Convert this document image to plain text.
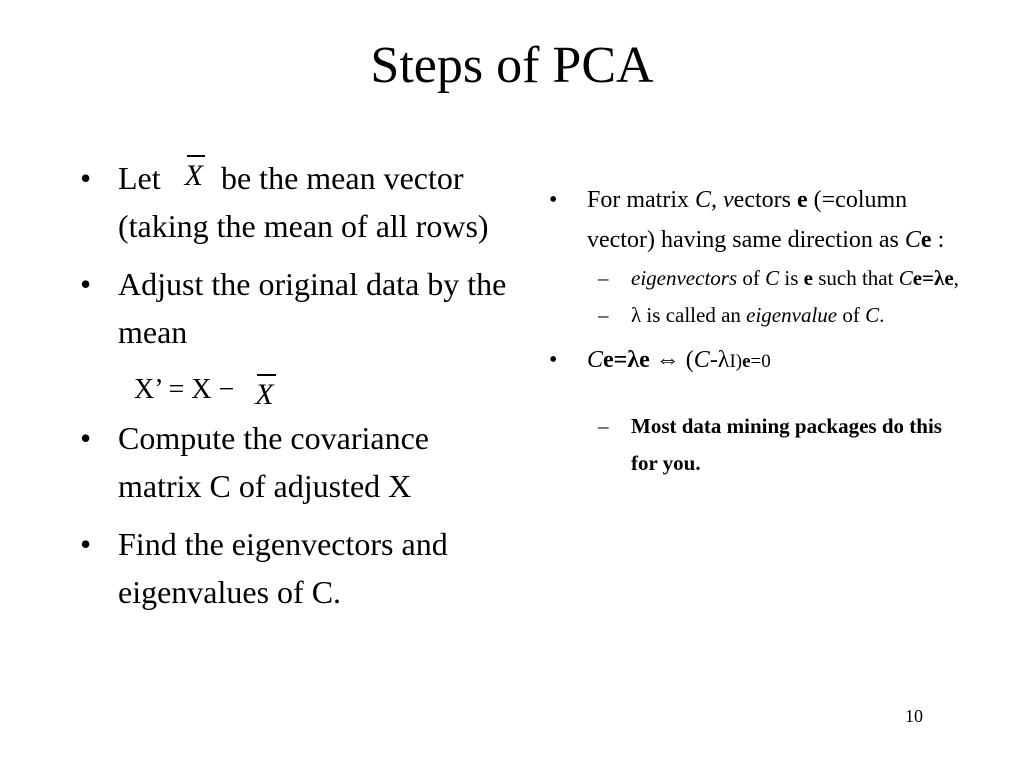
Steps of PCA
• Let X be the mean vector (taking the mean of all rows)
• Adjust the original data by the mean
X’ = X − X
• Compute the covariance matrix C of adjusted X
• Find the eigenvectors and eigenvalues of C.
• For matrix C, vectors e (=column vector) having same direction as Ce :
– eigenvectors of C is e such that Ce=λe,
– λ is called an eigenvalue of C.
• Ce=λe ⇔ (C-λI)e=0
– Most data mining packages do this for you.
10
